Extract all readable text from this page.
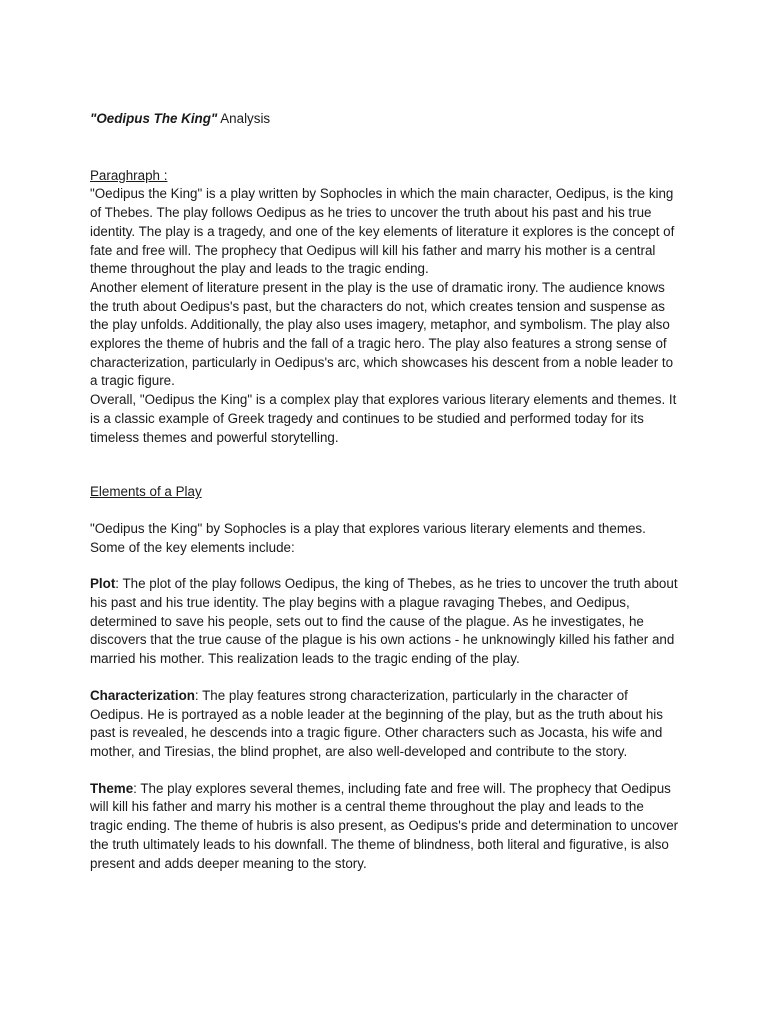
"Oedipus The King" Analysis
Paraghraph :

"Oedipus the King" is a play written by Sophocles in which the main character, Oedipus, is the king of Thebes. The play follows Oedipus as he tries to uncover the truth about his past and his true identity. The play is a tragedy, and one of the key elements of literature it explores is the concept of fate and free will. The prophecy that Oedipus will kill his father and marry his mother is a central theme throughout the play and leads to the tragic ending.

Another element of literature present in the play is the use of dramatic irony. The audience knows the truth about Oedipus's past, but the characters do not, which creates tension and suspense as the play unfolds. Additionally, the play also uses imagery, metaphor, and symbolism. The play also explores the theme of hubris and the fall of a tragic hero. The play also features a strong sense of characterization, particularly in Oedipus's arc, which showcases his descent from a noble leader to a tragic figure.

Overall, "Oedipus the King" is a complex play that explores various literary elements and themes. It is a classic example of Greek tragedy and continues to be studied and performed today for its timeless themes and powerful storytelling.

Elements of a Play

"Oedipus the King" by Sophocles is a play that explores various literary elements and themes. Some of the key elements include:

Plot: The plot of the play follows Oedipus, the king of Thebes, as he tries to uncover the truth about his past and his true identity. The play begins with a plague ravaging Thebes, and Oedipus, determined to save his people, sets out to find the cause of the plague. As he investigates, he discovers that the true cause of the plague is his own actions - he unknowingly killed his father and married his mother. This realization leads to the tragic ending of the play.

Characterization: The play features strong characterization, particularly in the character of Oedipus. He is portrayed as a noble leader at the beginning of the play, but as the truth about his past is revealed, he descends into a tragic figure. Other characters such as Jocasta, his wife and mother, and Tiresias, the blind prophet, are also well-developed and contribute to the story.

Theme: The play explores several themes, including fate and free will. The prophecy that Oedipus will kill his father and marry his mother is a central theme throughout the play and leads to the tragic ending. The theme of hubris is also present, as Oedipus's pride and determination to uncover the truth ultimately leads to his downfall. The theme of blindness, both literal and figurative, is also present and adds deeper meaning to the story.
